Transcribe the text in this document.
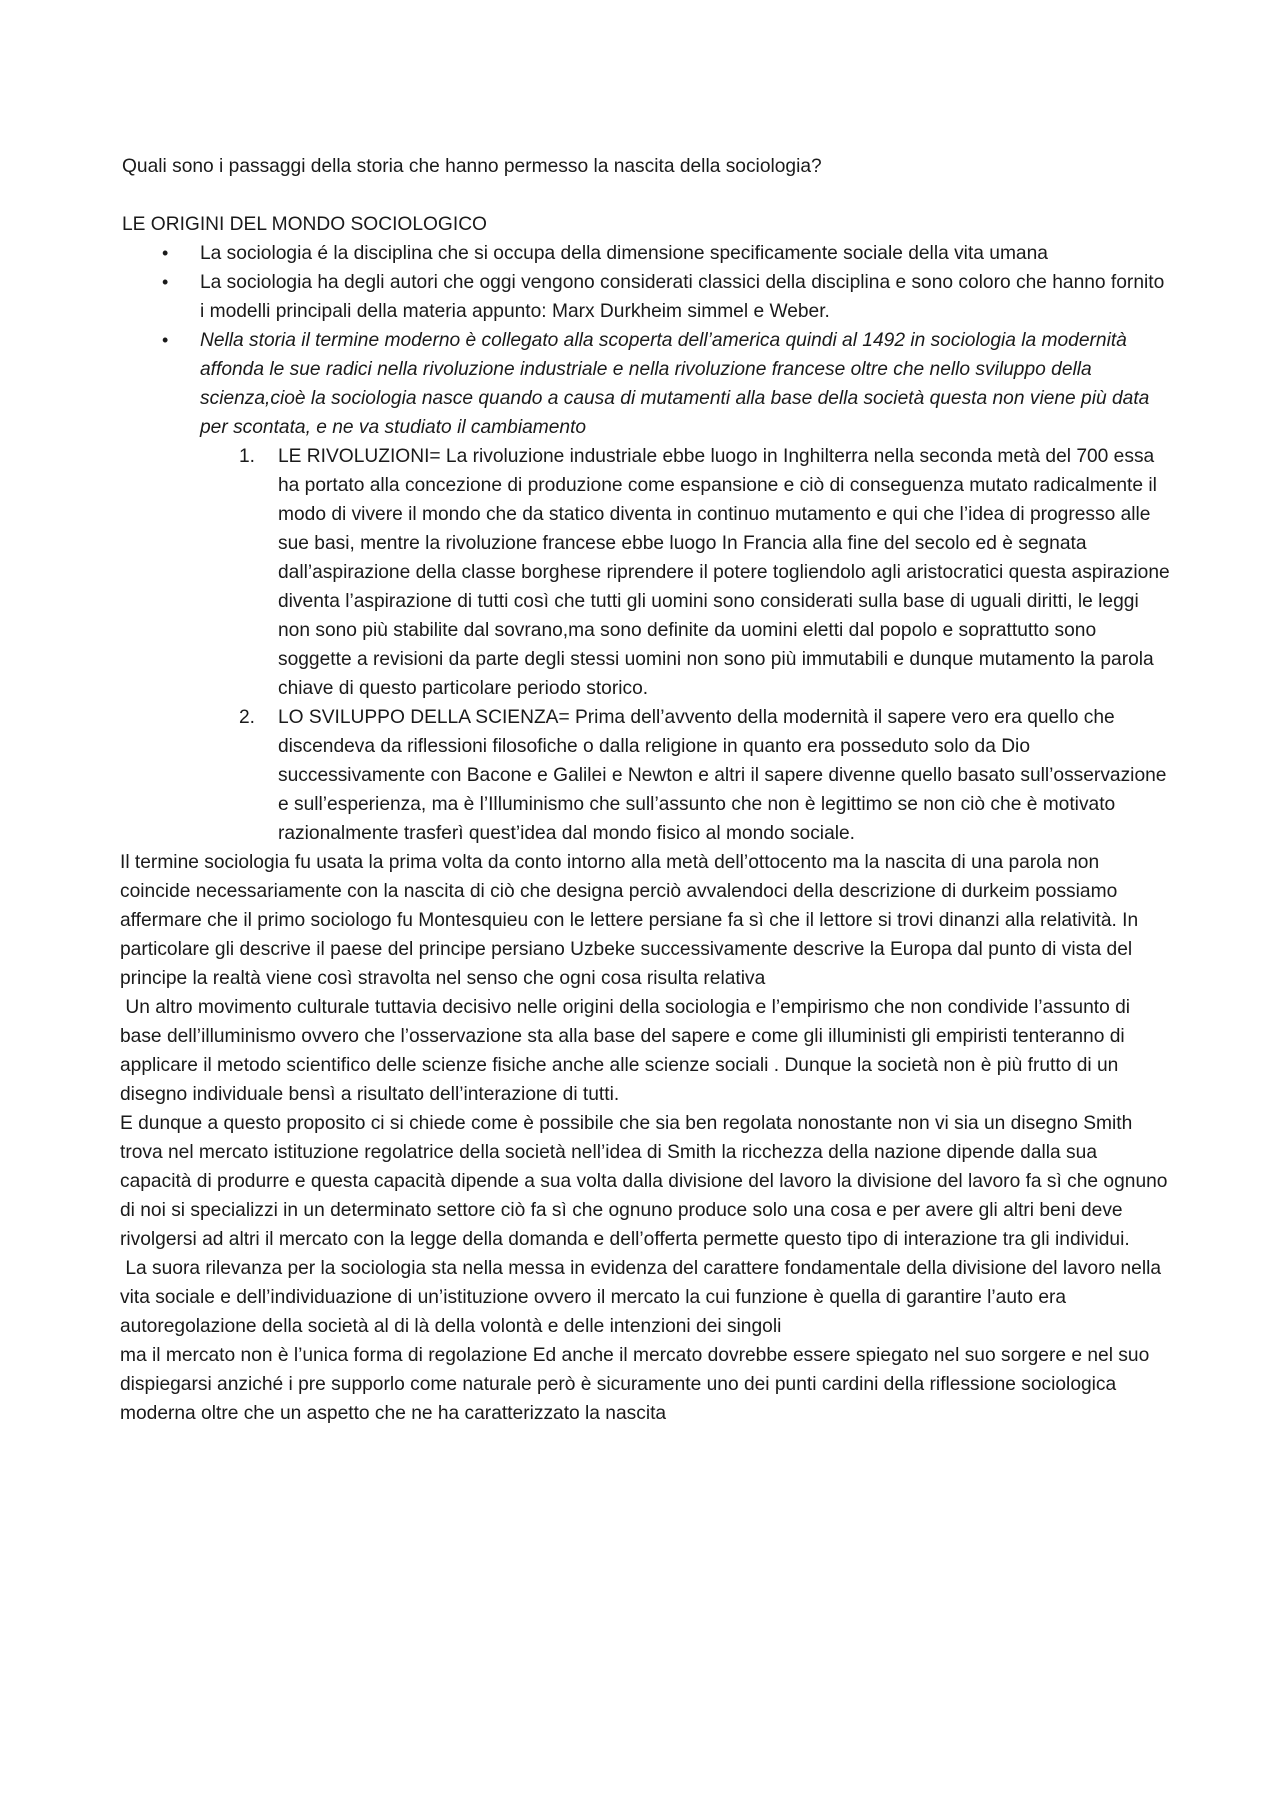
Quali sono i passaggi della storia che hanno permesso la nascita della sociologia?

LE ORIGINI DEL MONDO SOCIOLOGICO

• La sociologia é la disciplina che si occupa della dimensione specificamente sociale della vita umana
• La sociologia ha degli autori che oggi vengono considerati classici della disciplina e sono coloro che hanno fornito i modelli principali della materia appunto: Marx Durkheim simmel e Weber.
• Nella storia il termine moderno è collegato alla scoperta dell’america quindi al 1492 in sociologia la modernità affonda le sue radici nella rivoluzione industriale e nella rivoluzione francese oltre che nello sviluppo della scienza,cioè la sociologia nasce quando a causa di mutamenti alla base della società questa non viene più data per scontata, e ne va studiato il cambiamento
1. LE RIVOLUZIONI= La rivoluzione industriale ebbe luogo in Inghilterra nella seconda metà del 700 essa ha portato alla concezione di produzione come espansione e ciò di conseguenza mutato radicalmente il modo di vivere il mondo che da statico diventa in continuo mutamento e qui che l’idea di progresso alle sue basi, mentre la rivoluzione francese ebbe luogo In Francia alla fine del secolo ed è segnata dall’aspirazione della classe borghese riprendere il potere togliendolo agli aristocratici questa aspirazione diventa l’aspirazione di tutti così che tutti gli uomini sono considerati sulla base di uguali diritti, le leggi non sono più stabilite dal sovrano,ma sono definite da uomini eletti dal popolo e soprattutto sono soggette a revisioni da parte degli stessi uomini non sono più immutabili e dunque mutamento la parola chiave di questo particolare periodo storico.
2. LO SVILUPPO DELLA SCIENZA= Prima dell’avvento della modernità il sapere vero era quello che discendeva da riflessioni filosofiche o dalla religione in quanto era posseduto solo da Dio successivamente con Bacone e Galilei e Newton e altri il sapere divenne quello basato sull’osservazione e sull’esperienza, ma è l’Illuminismo che sull’assunto che non è legittimo se non ciò che è motivato razionalmente trasferì quest’idea dal mondo fisico al mondo sociale.

Il termine sociologia fu usata la prima volta da conto intorno alla metà dell’ottocento ma la nascita di una parola non coincide necessariamente con la nascita di ciò che designa perciò avvalendoci della descrizione di durkeim possiamo affermare che il primo sociologo fu Montesquieu con le lettere persiane fa sì che il lettore si trovi dinanzi alla relatività. In particolare gli descrive il paese del principe persiano Uzbeke successivamente descrive la Europa dal punto di vista del principe la realtà viene così stravolta nel senso che ogni cosa risulta relativa

Un altro movimento culturale tuttavia decisivo nelle origini della sociologia e l’empirismo che non condivide l’assunto di base dell’illuminismo ovvero che l’osservazione sta alla base del sapere e come gli illuministi gli empiristi tenteranno di applicare il metodo scientifico delle scienze fisiche anche alle scienze sociali . Dunque la società non è più frutto di un disegno individuale bensì a risultato dell’interazione di tutti.

E dunque a questo proposito ci si chiede come è possibile che sia ben regolata nonostante non vi sia un disegno Smith trova nel mercato istituzione regolatrice della società nell’idea di Smith la ricchezza della nazione dipende dalla sua capacità di produrre e questa capacità dipende a sua volta dalla divisione del lavoro la divisione del lavoro fa sì che ognuno di noi si specializzi in un determinato settore ciò fa sì che ognuno produce solo una cosa e per avere gli altri beni deve rivolgersi ad altri il mercato con la legge della domanda e dell’offerta permette questo tipo di interazione tra gli individui.

La suora rilevanza per la sociologia sta nella messa in evidenza del carattere fondamentale della divisione del lavoro nella vita sociale e dell’individuazione di un’istituzione ovvero il mercato la cui funzione è quella di garantire l’auto era autoregolazione della società al di là della volontà e delle intenzioni dei singoli

ma il mercato non è l’unica forma di regolazione Ed anche il mercato dovrebbe essere spiegato nel suo sorgere e nel suo dispiegarsi anziché i pre supporlo come naturale però è sicuramente uno dei punti cardini della riflessione sociologica moderna oltre che un aspetto che ne ha caratterizzato la nascita
